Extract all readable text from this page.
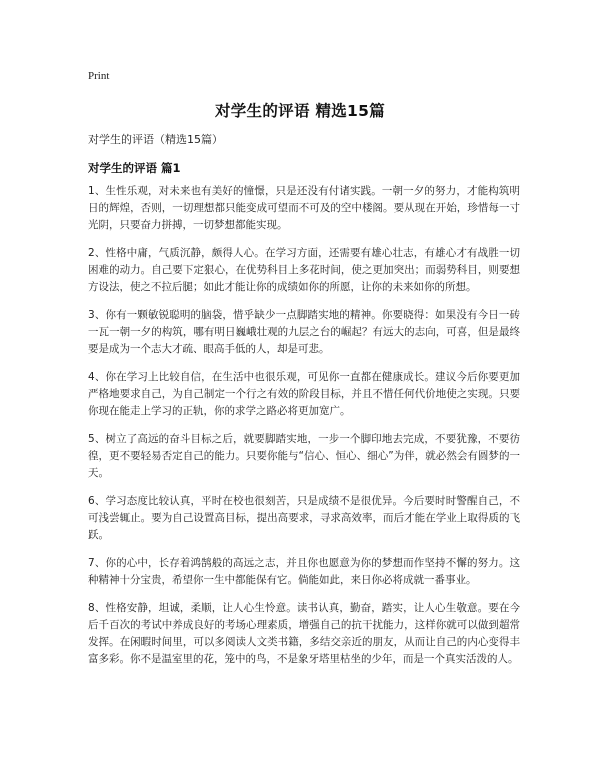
Print
对学生的评语 精选15篇
对学生的评语（精选15篇）
对学生的评语 篇1

1、生性乐观，对未来也有美好的憧憬，只是还没有付诸实践。一朝一夕的努力，才能构筑明日的辉煌，否则，一切理想都只能变成可望而不可及的空中楼阁。要从现在开始，珍惜每一寸光阴，只要奋力拼搏，一切梦想都能实现。

2、性格中庸，气质沉静，颇得人心。在学习方面，还需要有雄心壮志，有雄心才有战胜一切困难的动力。自己要下定狠心，在优势科目上多花时间，使之更加突出；而弱势科目，则要想方设法，使之不拉后腿；如此才能让你的成绩如你的所愿，让你的未来如你的所想。

3、你有一颗敏锐聪明的脑袋，惜乎缺少一点脚踏实地的精神。你要晓得：如果没有今日一砖一瓦一朝一夕的构筑，哪有明日巍峨壮观的九层之台的崛起？有远大的志向，可喜，但是最终要是成为一个志大才疏、眼高手低的人，却是可悲。

4、你在学习上比较自信，在生活中也很乐观，可见你一直都在健康成长。建议今后你要更加严格地要求自己，为自己制定一个行之有效的阶段目标，并且不惜任何代价地使之实现。只要你现在能走上学习的正轨，你的求学之路必将更加宽广。

5、树立了高远的奋斗目标之后，就要脚踏实地，一步一个脚印地去完成，不要犹豫，不要彷徨，更不要轻易否定自己的能力。只要你能与“信心、恒心、细心”为伴，就必然会有圆梦的一天。

6、学习态度比较认真，平时在校也很刻苦，只是成绩不是很优异。今后要时时警醒自己，不可浅尝辄止。要为自己设置高目标，提出高要求，寻求高效率，而后才能在学业上取得质的飞跃。

7、你的心中，长存着鸿鹄般的高远之志，并且你也愿意为你的梦想而作坚持不懈的努力。这种精神十分宝贵，希望你一生中都能保有它。倘能如此，来日你必将成就一番事业。

8、性格安静，坦诚，柔顺，让人心生怜意。读书认真，勤奋，踏实，让人心生敬意。要在今后千百次的考试中养成良好的考场心理素质，增强自己的抗干扰能力，这样你就可以做到超常发挥。在闲暇时间里，可以多阅读人文类书籍，多结交亲近的朋友，从而让自己的内心变得丰富多彩。你不是温室里的花，笼中的鸟，不是象牙塔里枯坐的少年，而是一个真实活泼的人。
